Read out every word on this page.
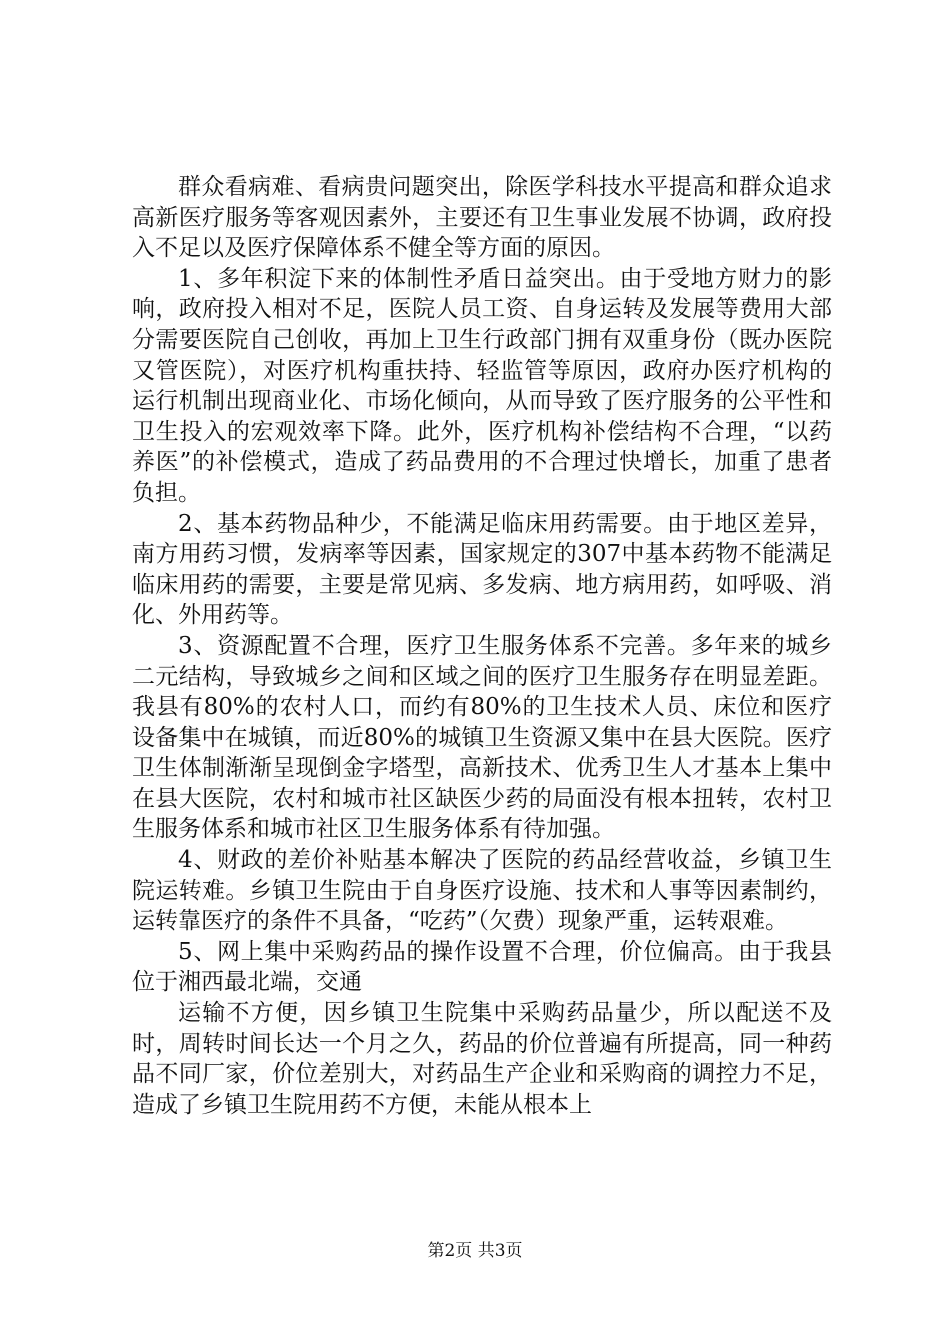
群众看病难、看病贵问题突出，除医学科技水平提高和群众追求高新医疗服务等客观因素外，主要还有卫生事业发展不协调，政府投入不足以及医疗保障体系不健全等方面的原因。

1、多年积淀下来的体制性矛盾日益突出。由于受地方财力的影响，政府投入相对不足，医院人员工资、自身运转及发展等费用大部分需要医院自己创收，再加上卫生行政部门拥有双重身份（既办医院又管医院），对医疗机构重扶持、轻监管等原因，政府办医疗机构的运行机制出现商业化、市场化倾向，从而导致了医疗服务的公平性和卫生投入的宏观效率下降。此外，医疗机构补偿结构不合理，“以药养医”的补偿模式，造成了药品费用的不合理过快增长，加重了患者负担。

2、基本药物品种少，不能满足临床用药需要。由于地区差异，南方用药习惯，发病率等因素，国家规定的307中基本药物不能满足临床用药的需要，主要是常见病、多发病、地方病用药，如呼吸、消化、外用药等。

3、资源配置不合理，医疗卫生服务体系不完善。多年来的城乡二元结构，导致城乡之间和区域之间的医疗卫生服务存在明显差距。我县有80%的农村人口，而约有80%的卫生技术人员、床位和医疗设备集中在城镇，而近80%的城镇卫生资源又集中在县大医院。医疗卫生体制渐渐呈现倒金字塔型，高新技术、优秀卫生人才基本上集中在县大医院，农村和城市社区缺医少药的局面没有根本扭转，农村卫生服务体系和城市社区卫生服务体系有待加强。

4、财政的差价补贴基本解决了医院的药品经营收益，乡镇卫生院运转难。乡镇卫生院由于自身医疗设施、技术和人事等因素制约，运转靠医疗的条件不具备，“吃药”（欠费）现象严重，运转艰难。

5、网上集中采购药品的操作设置不合理，价位偏高。由于我县位于湘西最北端，交通

运输不方便，因乡镇卫生院集中采购药品量少，所以配送不及时，周转时间长达一个月之久，药品的价位普遍有所提高，同一种药品不同厂家，价位差别大，对药品生产企业和采购商的调控力不足，造成了乡镇卫生院用药不方便，未能从根本上

第2页 共3页
